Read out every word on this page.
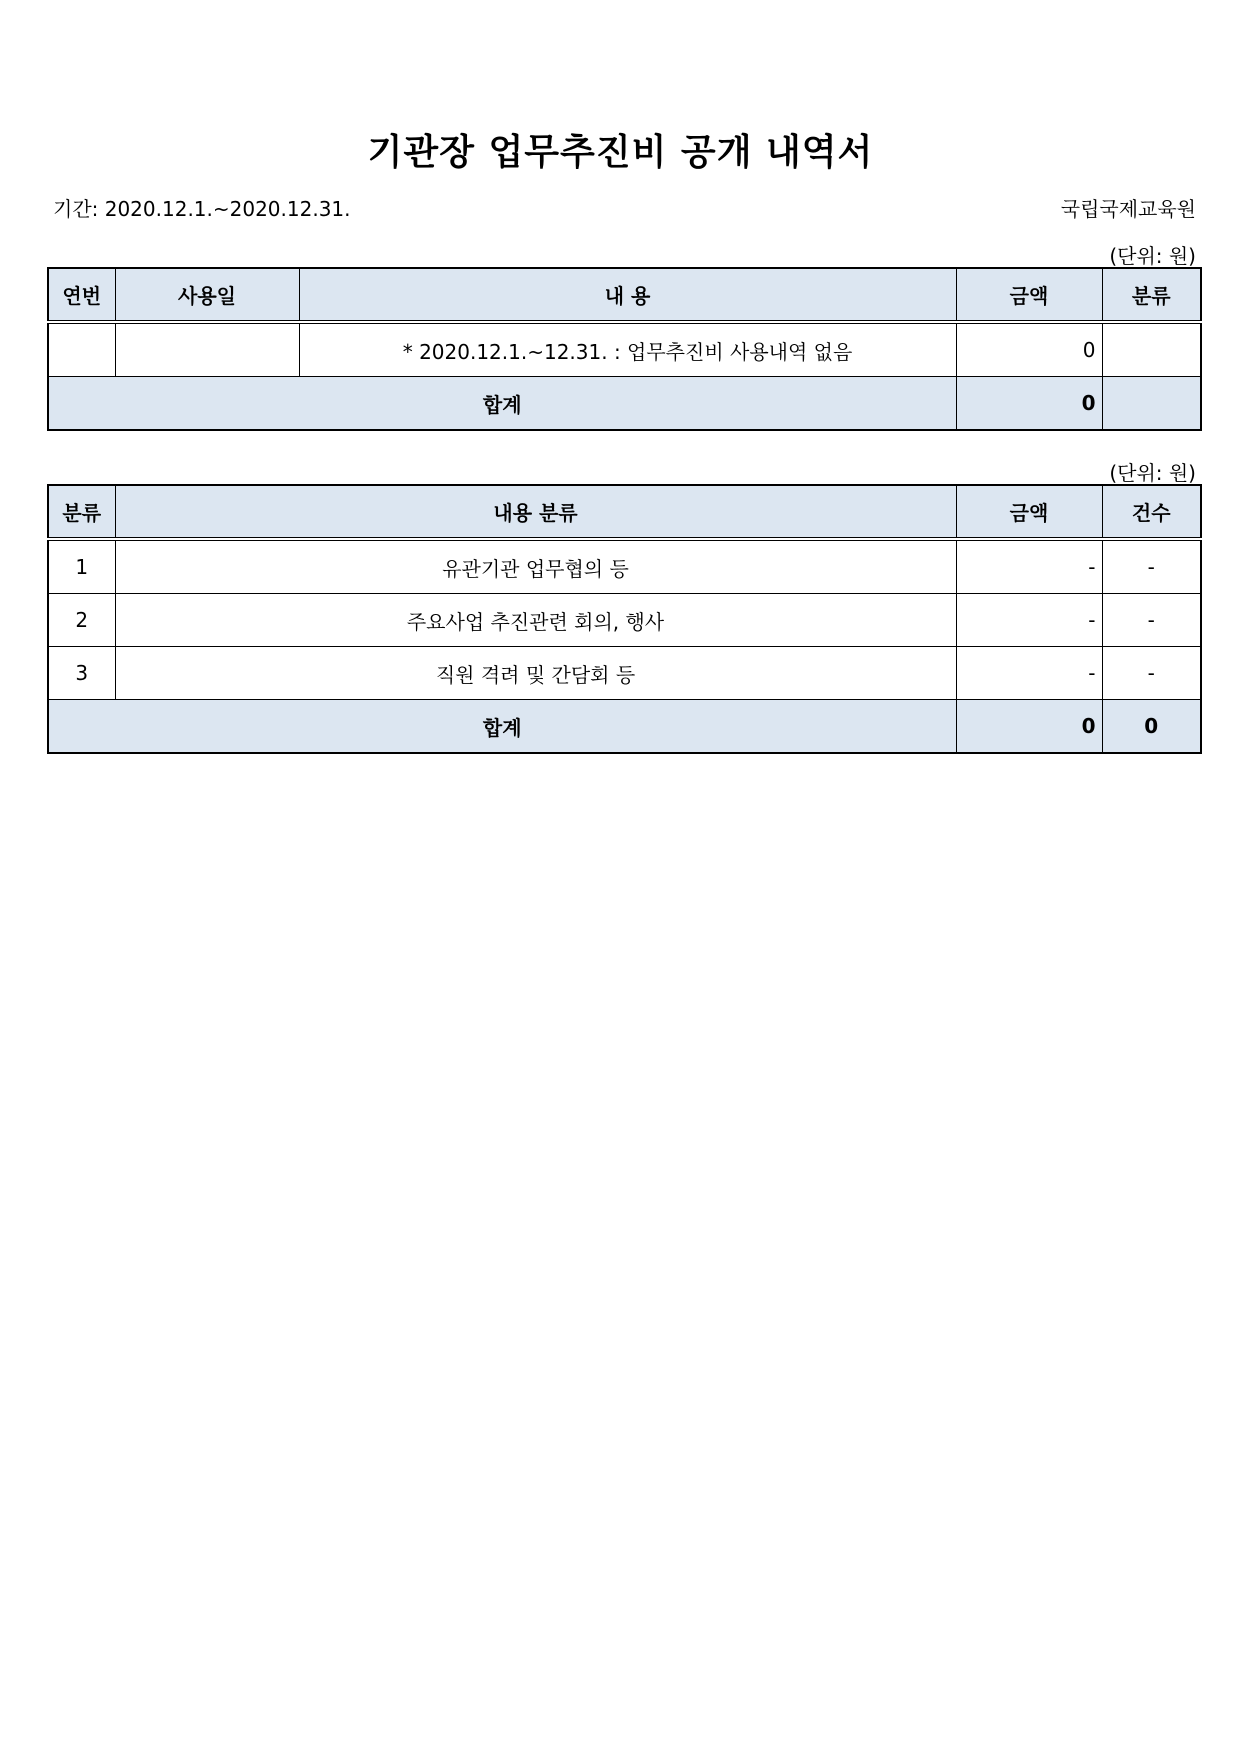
기관장 업무추진비 공개 내역서
기간: 2020.12.1.~2020.12.31.	국립국제교육원
(단위: 원)
연번	사용일	내 용	금액	분류
		* 2020.12.1.~12.31. : 업무추진비 사용내역 없음	0	
합계			0	
(단위: 원)
분류	내용 분류	금액	건수
1	유관기관 업무협의 등	-	-
2	주요사업 추진관련 회의, 행사	-	-
3	직원 격려 및 간담회 등	-	-
합계		0	0
